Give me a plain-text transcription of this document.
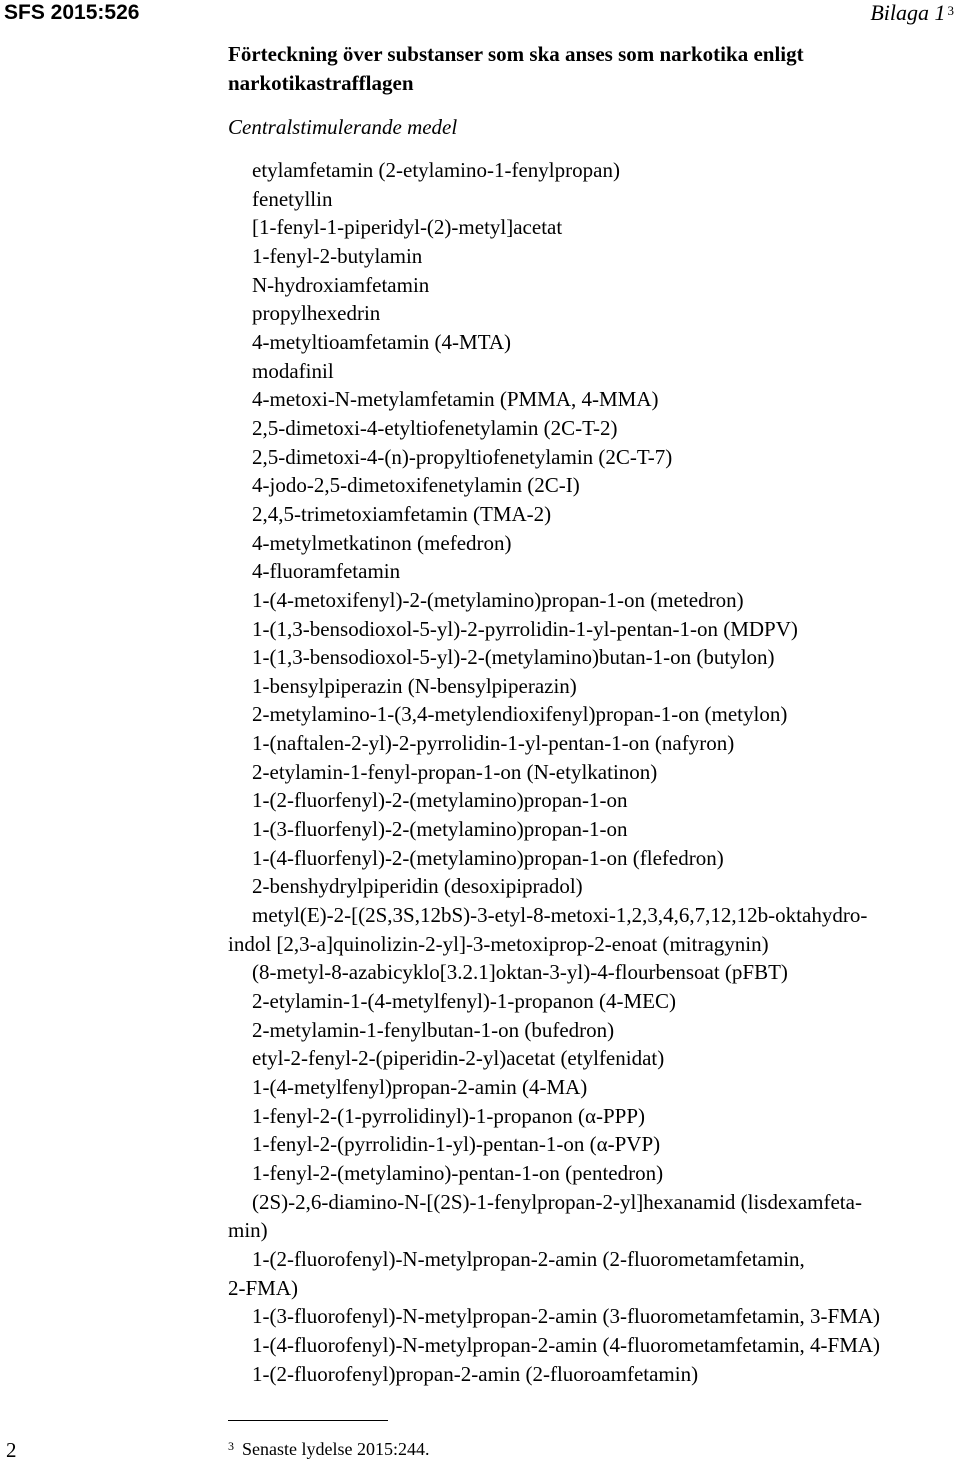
SFS 2015:526	Bilaga 1 $^3$
Förteckning över substanser som ska anses som narkotika enligt narkotikastrafflagen
Centralstimulerande medel
etylamfetamin (2-etylamino-1-fenylpropan)
fenetyllin
[1-fenyl-1-piperidyl-(2)-metyl]acetat
1-fenyl-2-butylamin
N-hydroxiamfetamin
propylhexedrin
4-metyltioamfetamin (4-MTA)
modafinil
4-metoxi-N-metylamfetamin (PMMA, 4-MMA)
2,5-dimetoxi-4-etyltiofenetylamin (2C-T-2)
2,5-dimetoxi-4-(n)-propyltiofenetylamin (2C-T-7)
4-jodo-2,5-dimetoxifenetylamin (2C-I)
2,4,5-trimetoxiamfetamin (TMA-2)
4-metylmetkatinon (mefedron)
4-fluoramfetamin
1-(4-metoxifenyl)-2-(metylamino)propan-1-on (metedron)
1-(1,3-bensodioxol-5-yl)-2-pyrrolidin-1-yl-pentan-1-on (MDPV)
1-(1,3-bensodioxol-5-yl)-2-(metylamino)butan-1-on (butylon)
1-bensylpiperazin (N-bensylpiperazin)
2-metylamino-1-(3,4-metylendioxifenyl)propan-1-on (metylon)
1-(naftalen-2-yl)-2-pyrrolidin-1-yl-pentan-1-on (nafyron)
2-etylamin-1-fenyl-propan-1-on (N-etylkatinon)
1-(2-fluorfenyl)-2-(metylamino)propan-1-on
1-(3-fluorfenyl)-2-(metylamino)propan-1-on
1-(4-fluorfenyl)-2-(metylamino)propan-1-on (flefedron)
2-benshydrylpiperidin (desoxipipradol)
metyl(E)-2-[(2S,3S,12bS)-3-etyl-8-metoxi-1,2,3,4,6,7,12,12b-oktahydro-
indol [2,3-a]quinolizin-2-yl]-3-metoxiprop-2-enoat (mitragynin)
(8-metyl-8-azabicyklo[3.2.1]oktan-3-yl)-4-flourbensoat (pFBT)
2-etylamin-1-(4-metylfenyl)-1-propanon (4-MEC)
2-metylamin-1-fenylbutan-1-on (bufedron)
etyl-2-fenyl-2-(piperidin-2-yl)acetat (etylfenidat)
1-(4-metylfenyl)propan-2-amin (4-MA)
1-fenyl-2-(1-pyrrolidinyl)-1-propanon (α-PPP)
1-fenyl-2-(pyrrolidin-1-yl)-pentan-1-on (α-PVP)
1-fenyl-2-(metylamino)-pentan-1-on (pentedron)
(2S)-2,6-diamino-N-[(2S)-1-fenylpropan-2-yl]hexanamid (lisdexamfeta-
min)
1-(2-fluorofenyl)-N-metylpropan-2-amin (2-fluorometamfetamin,
2-FMA)
1-(3-fluorofenyl)-N-metylpropan-2-amin (3-fluorometamfetamin, 3-FMA)
1-(4-fluorofenyl)-N-metylpropan-2-amin (4-fluorometamfetamin, 4-FMA)
1-(2-fluorofenyl)propan-2-amin (2-fluoroamfetamin)
2	$^3$ Senaste lydelse 2015:244.
